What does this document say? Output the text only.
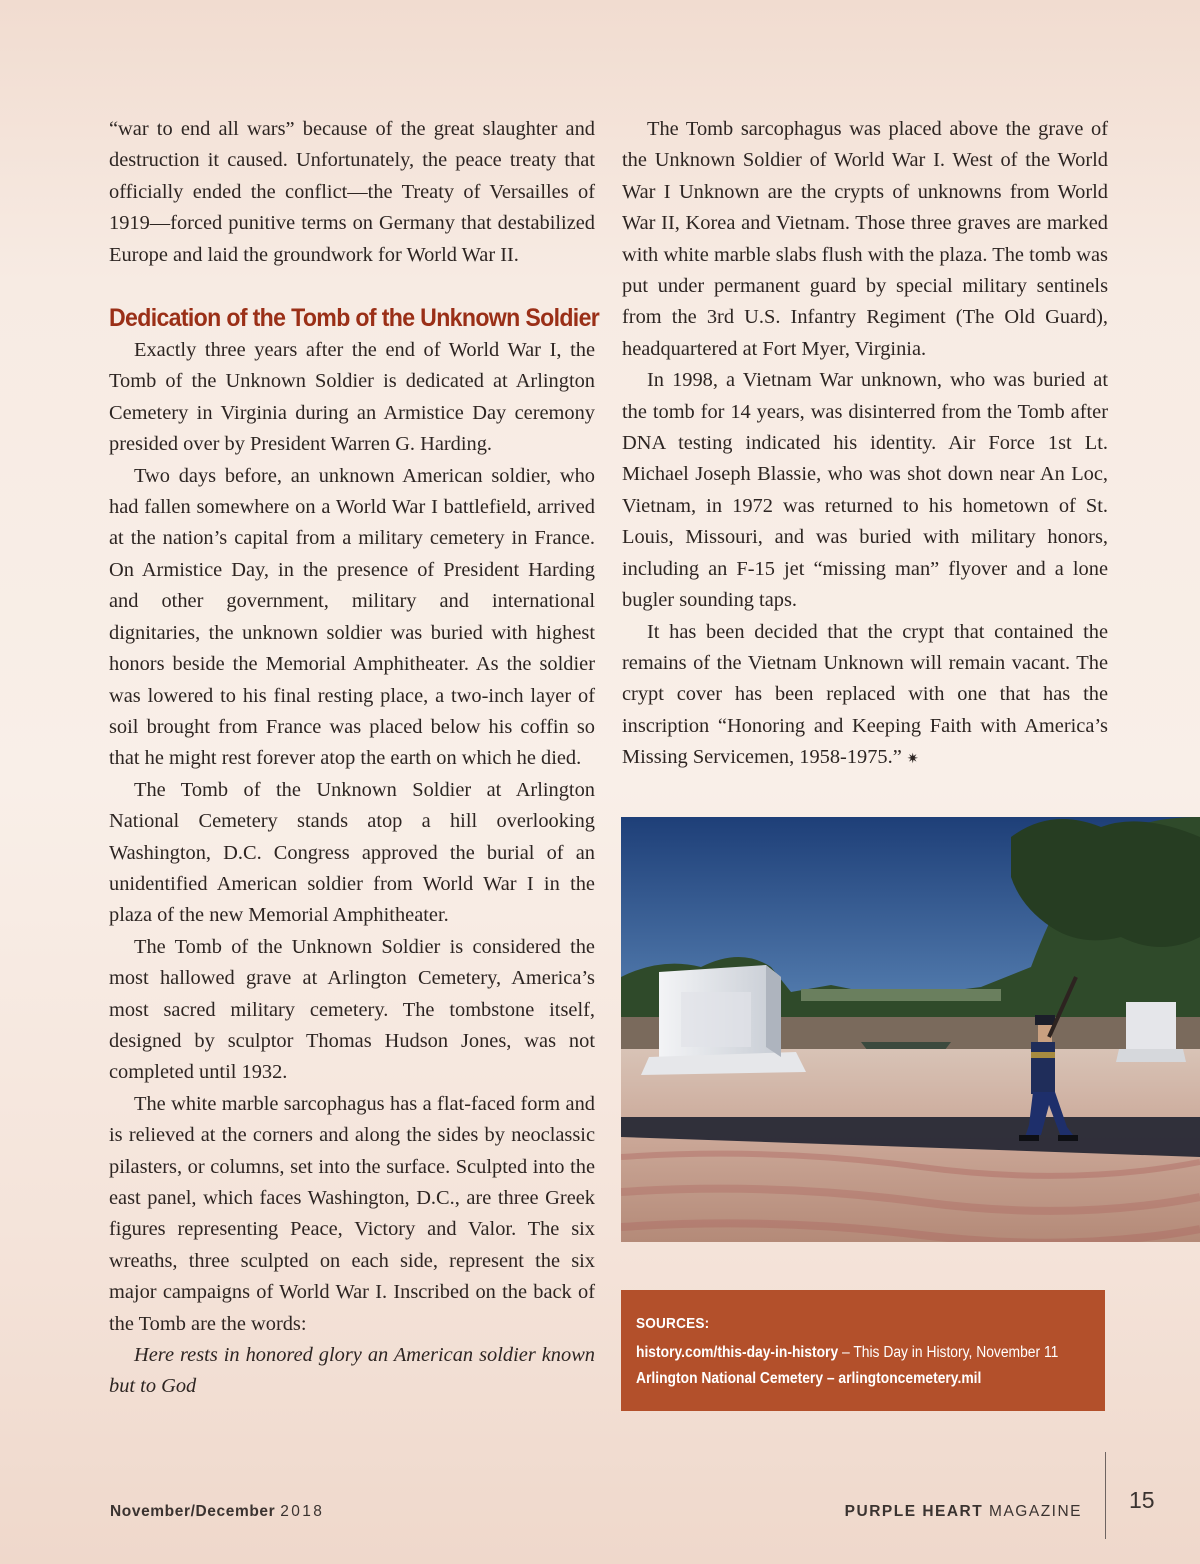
“war to end all wars” because of the great slaughter and destruction it caused. Unfortunately, the peace treaty that officially ended the conflict—the Treaty of Versailles of 1919—forced punitive terms on Germany that destabilized Europe and laid the groundwork for World War II.

Dedication of the Tomb of the Unknown Soldier

Exactly three years after the end of World War I, the Tomb of the Unknown Soldier is dedicated at Arlington Cemetery in Virginia during an Armistice Day ceremony presided over by President Warren G. Harding.

Two days before, an unknown American soldier, who had fallen somewhere on a World War I battlefield, arrived at the nation’s capital from a military cemetery in France. On Armistice Day, in the presence of President Harding and other government, military and international dignitaries, the unknown soldier was buried with highest honors beside the Memorial Amphitheater. As the soldier was lowered to his final resting place, a two-inch layer of soil brought from France was placed below his coffin so that he might rest forever atop the earth on which he died.

The Tomb of the Unknown Soldier at Arlington National Cemetery stands atop a hill overlooking Washington, D.C. Congress approved the burial of an unidentified American soldier from World War I in the plaza of the new Memorial Amphitheater.

The Tomb of the Unknown Soldier is considered the most hallowed grave at Arlington Cemetery, America’s most sacred military cemetery. The tombstone itself, designed by sculptor Thomas Hudson Jones, was not completed until 1932.

The white marble sarcophagus has a flat-faced form and is relieved at the corners and along the sides by neoclassic pilasters, or columns, set into the surface. Sculpted into the east panel, which faces Washington, D.C., are three Greek figures representing Peace, Victory and Valor. The six wreaths, three sculpted on each side, represent the six major campaigns of World War I. Inscribed on the back of the Tomb are the words:

Here rests in honored glory an American soldier known but to God

The Tomb sarcophagus was placed above the grave of the Unknown Soldier of World War I. West of the World War I Unknown are the crypts of unknowns from World War II, Korea and Vietnam. Those three graves are marked with white marble slabs flush with the plaza. The tomb was put under permanent guard by special military sentinels from the 3rd U.S. Infantry Regiment (The Old Guard), headquartered at Fort Myer, Virginia.

In 1998, a Vietnam War unknown, who was buried at the tomb for 14 years, was disinterred from the Tomb after DNA testing indicated his identity. Air Force 1st Lt. Michael Joseph Blassie, who was shot down near An Loc, Vietnam, in 1972 was returned to his hometown of St. Louis, Missouri, and was buried with military honors, including an F-15 jet “missing man” flyover and a lone bugler sounding taps.

It has been decided that the crypt that contained the remains of the Vietnam Unknown will remain vacant. The crypt cover has been replaced with one that has the inscription “Honoring and Keeping Faith with America’s Missing Servicemen, 1958-1975.” ✷

SOURCES:
history.com/this-day-in-history – This Day in History, November 11
Arlington National Cemetery – arlingtoncemetery.mil
November/December 2018	PURPLE HEART MAGAZINE 15
